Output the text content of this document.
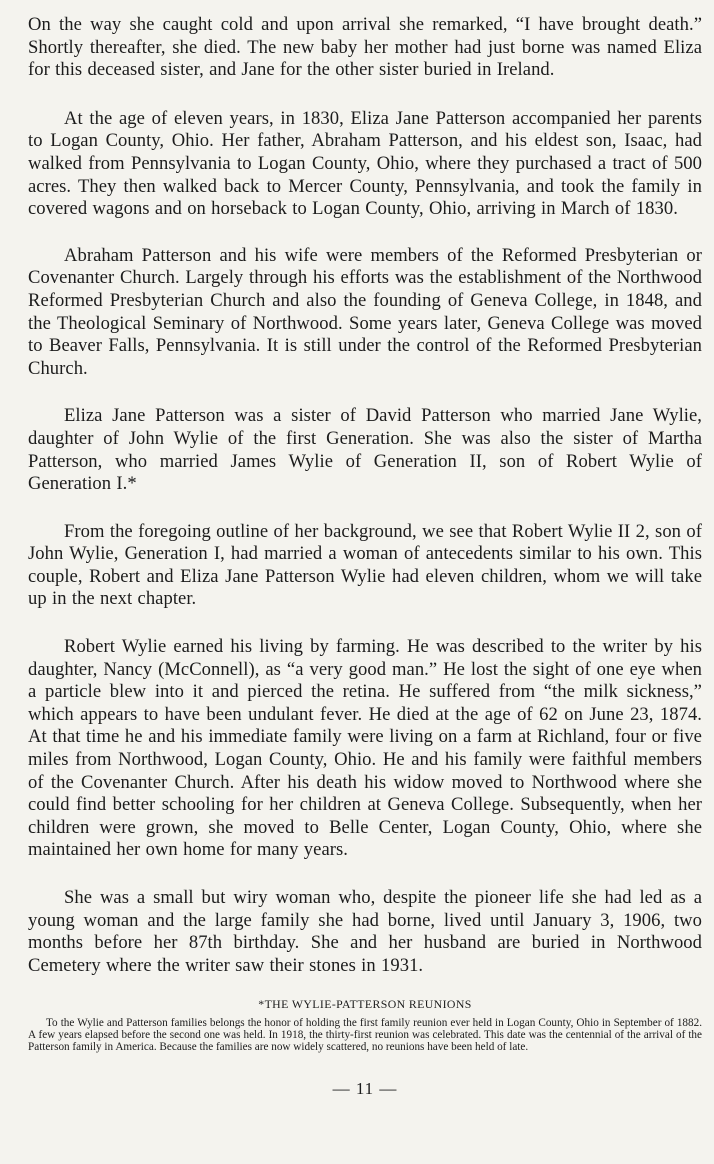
On the way she caught cold and upon arrival she remarked, “I have brought death.” Shortly thereafter, she died. The new baby her mother had just borne was named Eliza for this deceased sister, and Jane for the other sister buried in Ireland.

At the age of eleven years, in 1830, Eliza Jane Patterson accompanied her parents to Logan County, Ohio. Her father, Abraham Patterson, and his eldest son, Isaac, had walked from Pennsylvania to Logan County, Ohio, where they purchased a tract of 500 acres. They then walked back to Mercer County, Pennsylvania, and took the family in covered wagons and on horseback to Logan County, Ohio, arriving in March of 1830.

Abraham Patterson and his wife were members of the Reformed Presbyterian or Covenanter Church. Largely through his efforts was the establishment of the Northwood Reformed Presbyterian Church and also the founding of Geneva College, in 1848, and the Theological Seminary of Northwood. Some years later, Geneva College was moved to Beaver Falls, Pennsylvania. It is still under the control of the Reformed Presbyterian Church.

Eliza Jane Patterson was a sister of David Patterson who married Jane Wylie, daughter of John Wylie of the first Generation. She was also the sister of Martha Patterson, who married James Wylie of Generation II, son of Robert Wylie of Generation I.*

From the foregoing outline of her background, we see that Robert Wylie II 2, son of John Wylie, Generation I, had married a woman of antecedents similar to his own. This couple, Robert and Eliza Jane Patterson Wylie had eleven children, whom we will take up in the next chapter.

Robert Wylie earned his living by farming. He was described to the writer by his daughter, Nancy (McConnell), as “a very good man.” He lost the sight of one eye when a particle blew into it and pierced the retina. He suffered from “the milk sickness,” which appears to have been undulant fever. He died at the age of 62 on June 23, 1874. At that time he and his immediate family were living on a farm at Richland, four or five miles from Northwood, Logan County, Ohio. He and his family were faithful members of the Covenanter Church. After his death his widow moved to Northwood where she could find better schooling for her children at Geneva College. Subsequently, when her children were grown, she moved to Belle Center, Logan County, Ohio, where she maintained her own home for many years.

She was a small but wiry woman who, despite the pioneer life she had led as a young woman and the large family she had borne, lived until January 3, 1906, two months before her 87th birthday. She and her husband are buried in Northwood Cemetery where the writer saw their stones in 1931.

*THE WYLIE-PATTERSON REUNIONS

To the Wylie and Patterson families belongs the honor of holding the first family reunion ever held in Logan County, Ohio in September of 1882. A few years elapsed before the second one was held. In 1918, the thirty-first reunion was celebrated. This date was the centennial of the arrival of the Patterson family in America. Because the families are now widely scattered, no reunions have been held of late.

— 11 —
